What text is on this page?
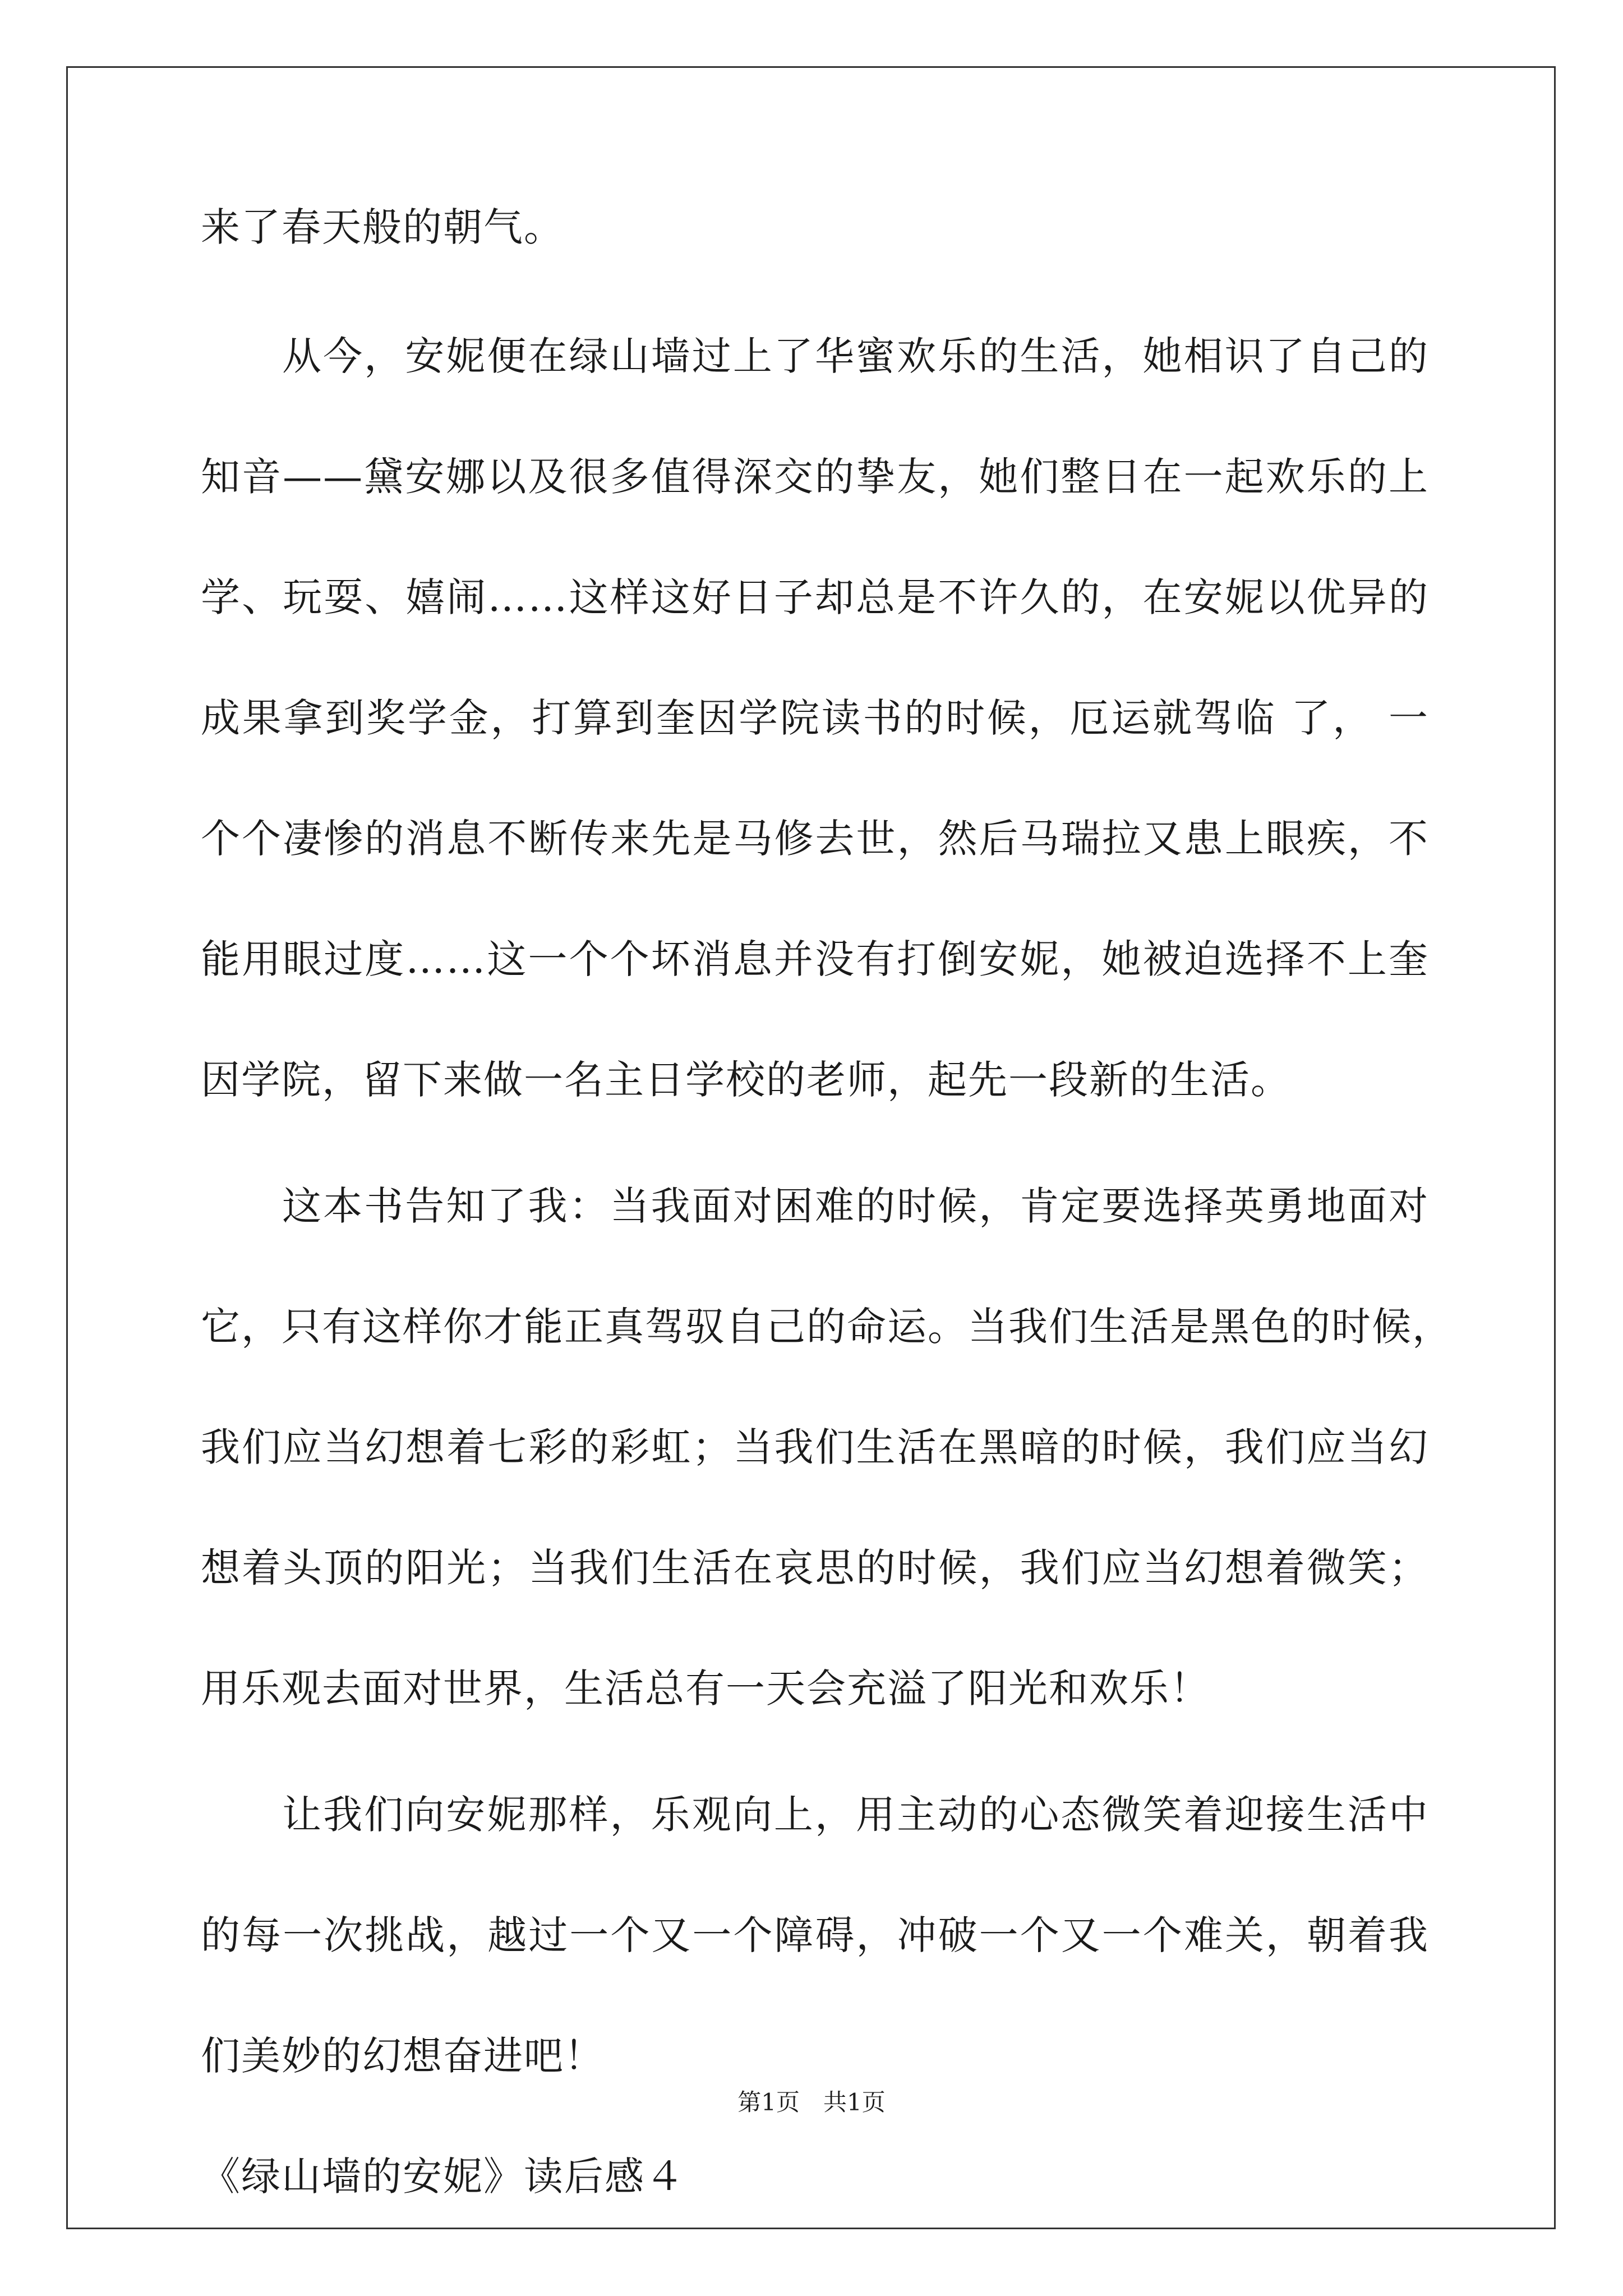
来了春天般的朝气。
从今，安妮便在绿山墙过上了华蜜欢乐的生活，她相识了自己的
知音——黛安娜以及很多值得深交的挚友，她们整日在一起欢乐的上
学、玩耍、嬉闹……这样这好日子却总是不许久的，在安妮以优异的
成果拿到奖学金，打算到奎因学院读书的时候，厄运就驾临 了， 一
个个凄惨的消息不断传来先是马修去世，然后马瑞拉又患上眼疾，不
能用眼过度……这一个个坏消息并没有打倒安妮，她被迫选择不上奎
因学院，留下来做一名主日学校的老师，起先一段新的生活。
这本书告知了我：当我面对困难的时候，肯定要选择英勇地面对
它，只有这样你才能正真驾驭自己的命运。当我们生活是黑色的时候，
我们应当幻想着七彩的彩虹；当我们生活在黑暗的时候，我们应当幻
想着头顶的阳光；当我们生活在哀思的时候，我们应当幻想着微笑；
用乐观去面对世界，生活总有一天会充溢了阳光和欢乐！
让我们向安妮那样，乐观向上，用主动的心态微笑着迎接生活中
的每一次挑战，越过一个又一个障碍，冲破一个又一个难关，朝着我
们美妙的幻想奋进吧！
《绿山墙的安妮》读后感４
第1页　共1页
